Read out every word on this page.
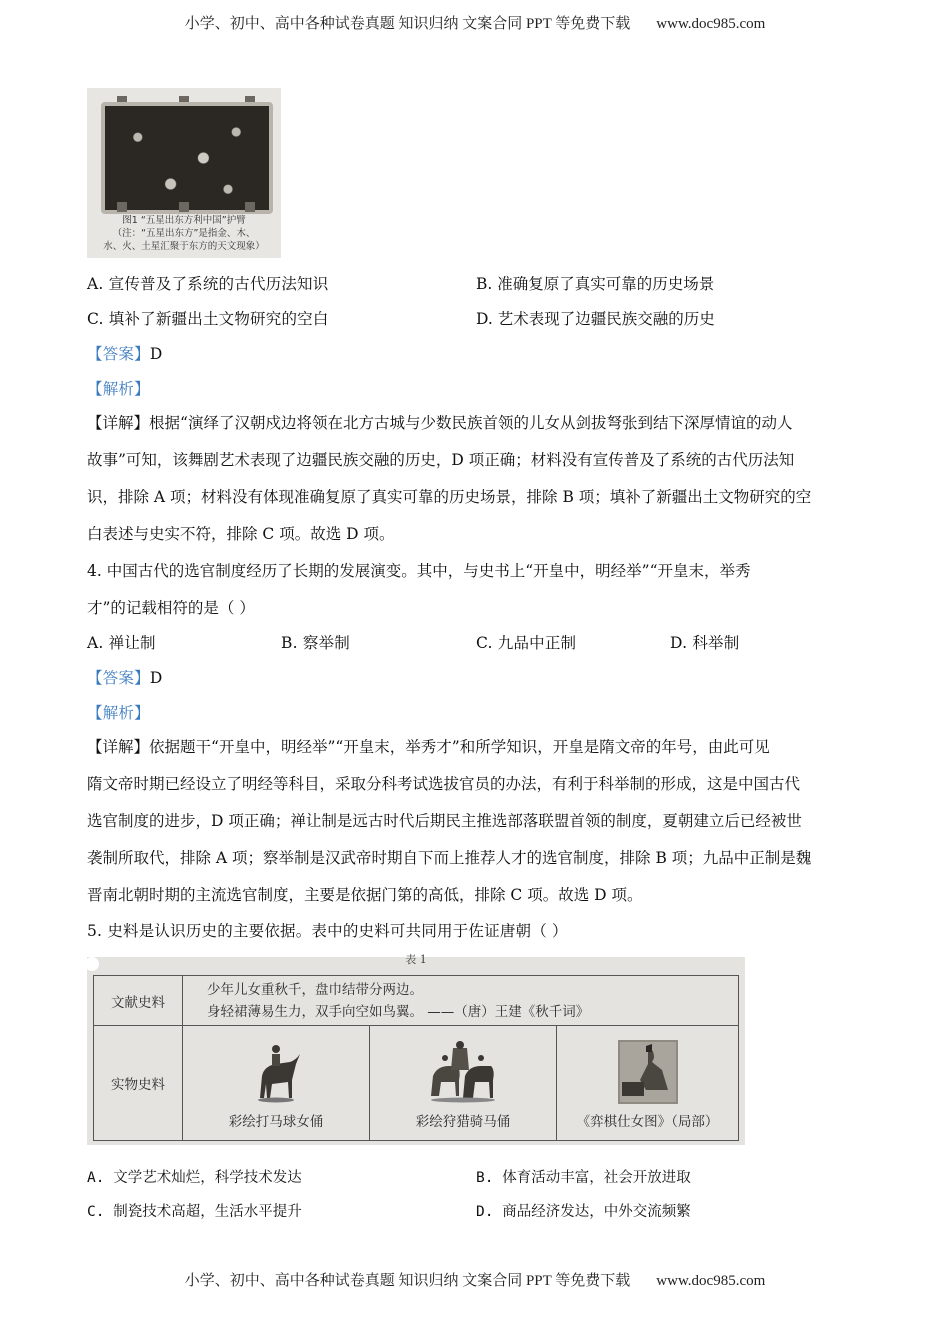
小学、初中、高中各种试卷真题 知识归纳 文案合同 PPT 等免费下载 www.doc985.com
图1 “五星出东方利中国”护臂
（注：“五星出东方”是指金、木、
水、火、土星汇聚于东方的天文现象）
A. 宣传普及了系统的古代历法知识	B. 准确复原了真实可靠的历史场景
C. 填补了新疆出土文物研究的空白	D. 艺术表现了边疆民族交融的历史
【答案】D
【解析】
【详解】根据“演绎了汉朝戍边将领在北方古城与少数民族首领的儿女从剑拔弩张到结下深厚情谊的动人
故事”可知，该舞剧艺术表现了边疆民族交融的历史，D 项正确；材料没有宣传普及了系统的古代历法知
识，排除 A 项；材料没有体现准确复原了真实可靠的历史场景，排除 B 项；填补了新疆出土文物研究的空
白表述与史实不符，排除 C 项。故选 D 项。
4. 中国古代的选官制度经历了长期的发展演变。其中，与史书上“开皇中，明经举”“开皇末，举秀
才”的记载相符的是（ ）
A. 禅让制	B. 察举制	C. 九品中正制	D. 科举制
【答案】D
【解析】
【详解】依据题干“开皇中，明经举”“开皇末，举秀才”和所学知识，开皇是隋文帝的年号，由此可见
隋文帝时期已经设立了明经等科目，采取分科考试选拔官员的办法，有利于科举制的形成，这是中国古代
选官制度的进步，D 项正确；禅让制是远古时代后期民主推选部落联盟首领的制度，夏朝建立后已经被世
袭制所取代，排除 A 项；察举制是汉武帝时期自下而上推荐人才的选官制度，排除 B 项；九品中正制是魏
晋南北朝时期的主流选官制度，主要是依据门第的高低，排除 C 项。故选 D 项。
5. 史料是认识历史的主要依据。表中的史料可共同用于佐证唐朝（ ）
表 1
文献史料	少年儿女重秋千，盘巾结带分两边。
身轻裙薄易生力，双手向空如鸟翼。 ——（唐）王建《秋千词》		

实物史料	彩绘打马球女俑	彩绘狩猎骑马俑	《弈棋仕女图》（局部）
A. 文学艺术灿烂，科学技术发达	B. 体育活动丰富，社会开放进取
C. 制瓷技术高超，生活水平提升	D. 商品经济发达，中外交流频繁
小学、初中、高中各种试卷真题 知识归纳 文案合同 PPT 等免费下载 www.doc985.com
